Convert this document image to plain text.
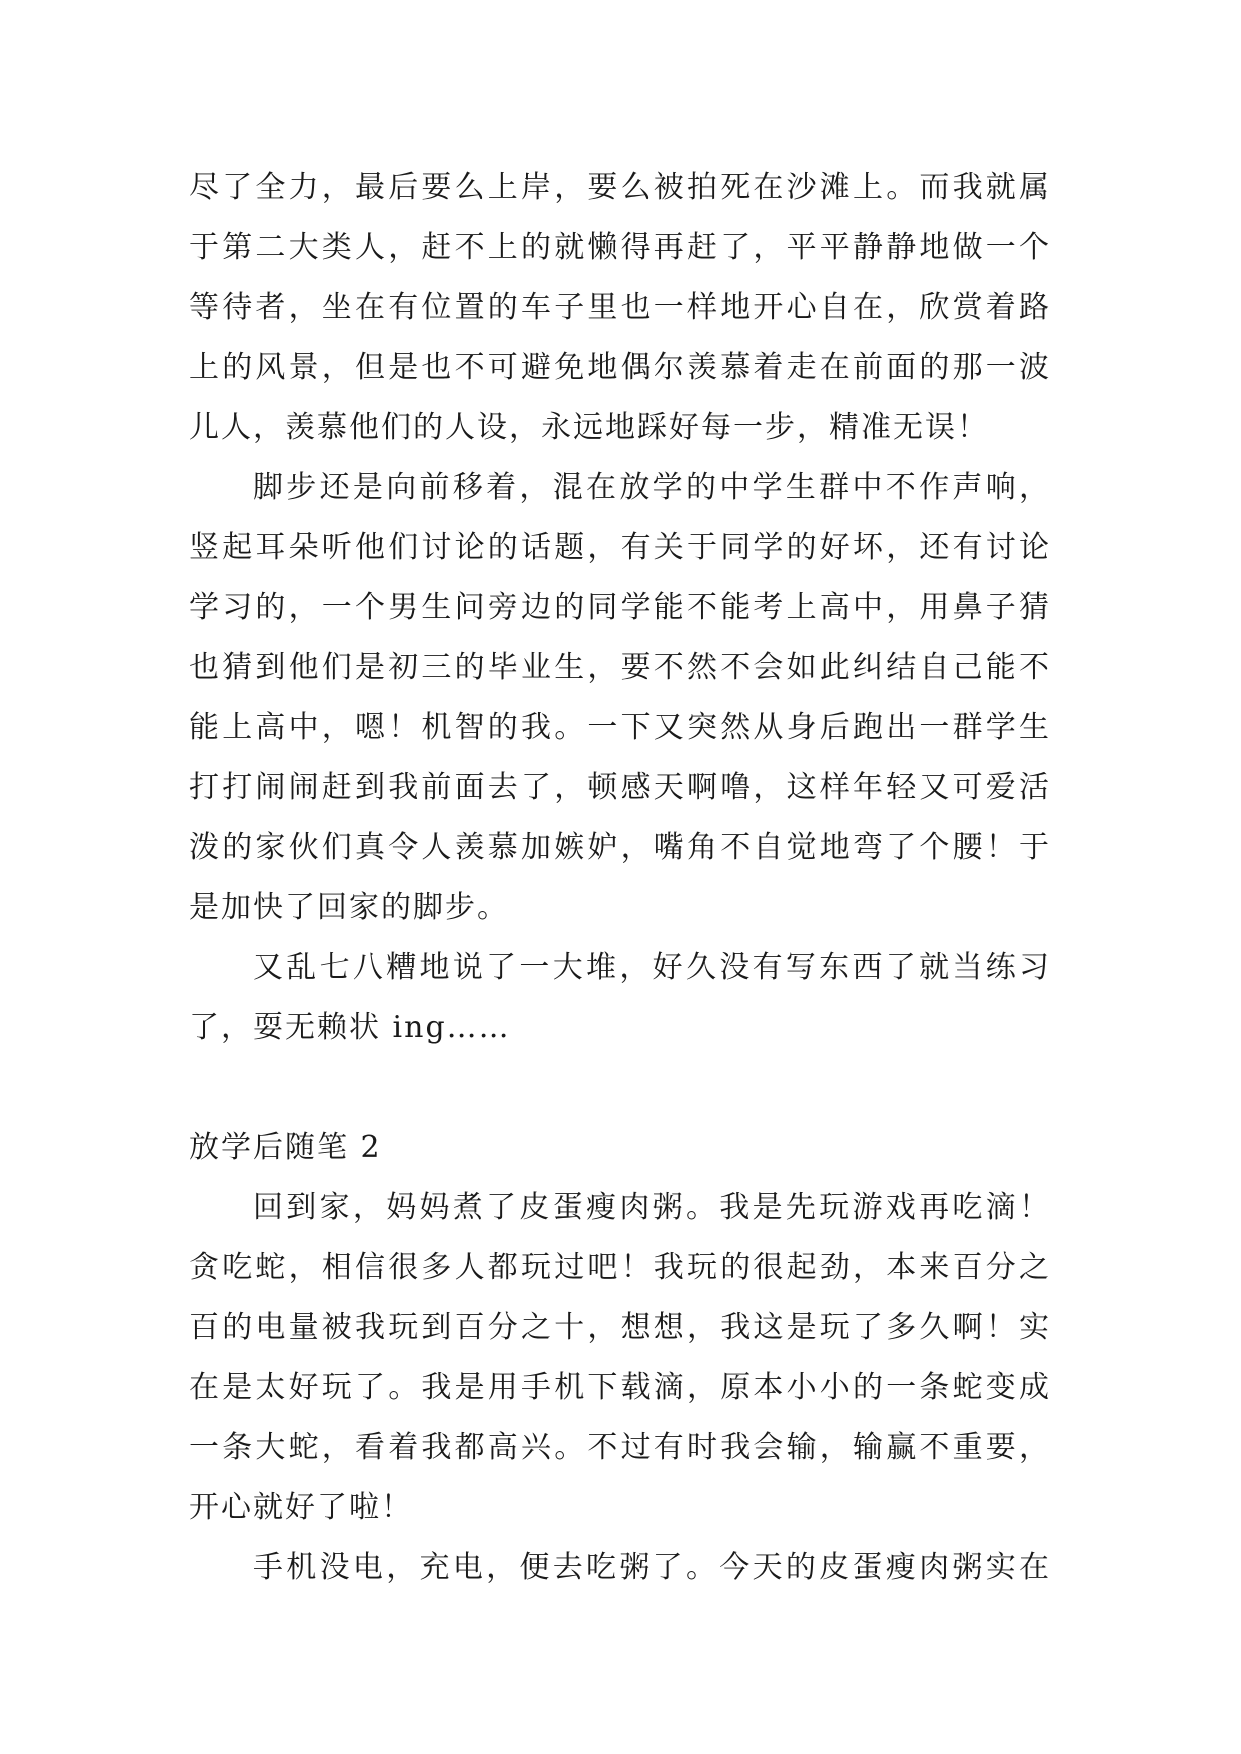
尽了全力，最后要么上岸，要么被拍死在沙滩上。而我就属
于第二大类人，赶不上的就懒得再赶了，平平静静地做一个
等待者，坐在有位置的车子里也一样地开心自在，欣赏着路
上的风景，但是也不可避免地偶尔羡慕着走在前面的那一波
儿人，羡慕他们的人设，永远地踩好每一步，精准无误！
脚步还是向前移着，混在放学的中学生群中不作声响，
竖起耳朵听他们讨论的话题，有关于同学的好坏，还有讨论
学习的，一个男生问旁边的同学能不能考上高中，用鼻子猜
也猜到他们是初三的毕业生，要不然不会如此纠结自己能不
能上高中，嗯！机智的我。一下又突然从身后跑出一群学生
打打闹闹赶到我前面去了，顿感天啊噜，这样年轻又可爱活
泼的家伙们真令人羡慕加嫉妒，嘴角不自觉地弯了个腰！于
是加快了回家的脚步。
又乱七八糟地说了一大堆，好久没有写东西了就当练习
了，耍无赖状 ing……
放学后随笔 2
回到家，妈妈煮了皮蛋瘦肉粥。我是先玩游戏再吃滴！
贪吃蛇，相信很多人都玩过吧！我玩的很起劲，本来百分之
百的电量被我玩到百分之十，想想，我这是玩了多久啊！实
在是太好玩了。我是用手机下载滴，原本小小的一条蛇变成
一条大蛇，看着我都高兴。不过有时我会输，输赢不重要，
开心就好了啦！
手机没电，充电，便去吃粥了。今天的皮蛋瘦肉粥实在
